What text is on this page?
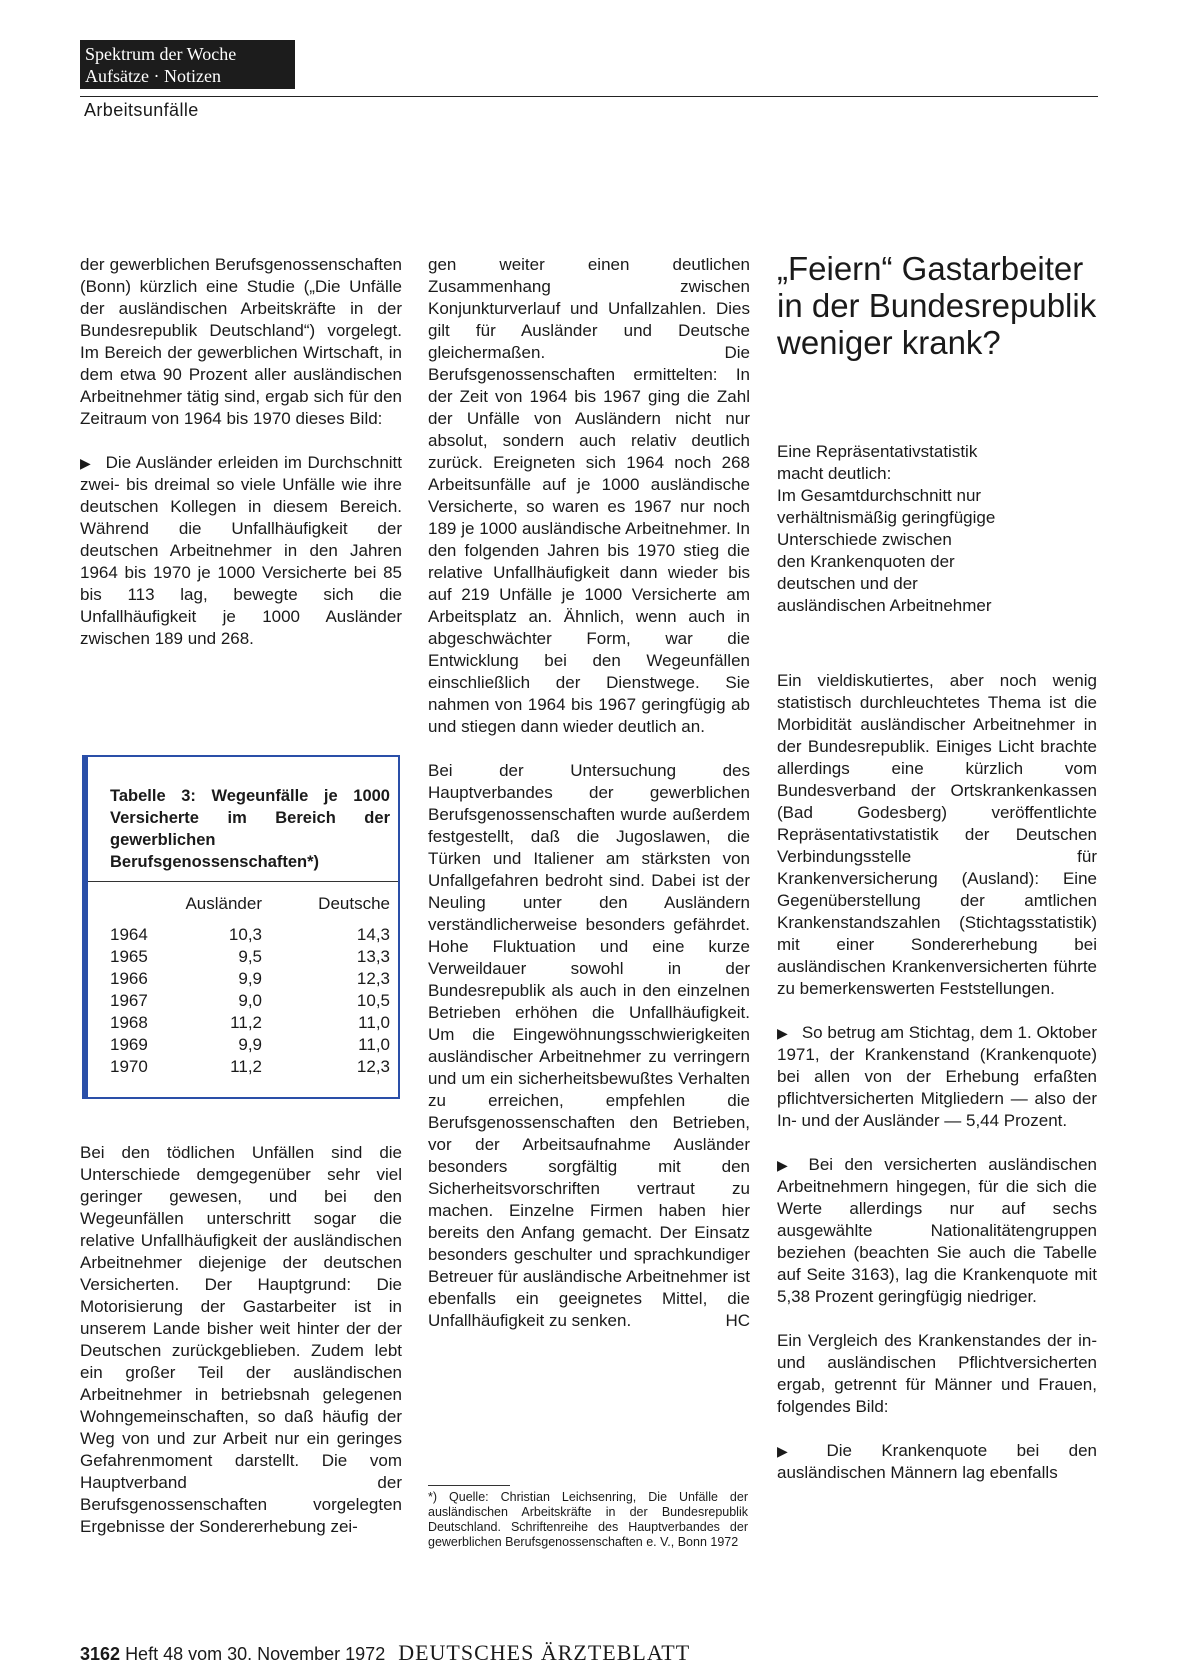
Spektrum der Woche
Aufsätze · Notizen
Arbeitsunfälle

der gewerblichen Berufsgenossenschaften (Bonn) kürzlich eine Studie („Die Unfälle der ausländischen Arbeitskräfte in der Bundesrepublik Deutschland“) vorgelegt. Im Bereich der gewerblichen Wirtschaft, in dem etwa 90 Prozent aller ausländischen Arbeitnehmer tätig sind, ergab sich für den Zeitraum von 1964 bis 1970 dieses Bild:

▶ Die Ausländer erleiden im Durchschnitt zwei- bis dreimal so viele Unfälle wie ihre deutschen Kollegen in diesem Bereich. Während die Unfallhäufigkeit der deutschen Arbeitnehmer in den Jahren 1964 bis 1970 je 1000 Versicherte bei 85 bis 113 lag, bewegte sich die Unfallhäufigkeit je 1000 Ausländer zwischen 189 und 268.

Tabelle 3: Wegeunfälle je 1000 Versicherte im Bereich der gewerblichen Berufsgenossenschaften*)
	Ausländer	Deutsche
1964	10,3	14,3
1965	9,5	13,3
1966	9,9	12,3
1967	9,0	10,5
1968	11,2	11,0
1969	9,9	11,0
1970	11,2	12,3

Bei den tödlichen Unfällen sind die Unterschiede demgegenüber sehr viel geringer gewesen, und bei den Wegeunfällen unterschritt sogar die relative Unfallhäufigkeit der ausländischen Arbeitnehmer diejenige der deutschen Versicherten. Der Hauptgrund: Die Motorisierung der Gastarbeiter ist in unserem Lande bisher weit hinter der der Deutschen zurückgeblieben. Zudem lebt ein großer Teil der ausländischen Arbeitnehmer in betriebsnah gelegenen Wohngemeinschaften, so daß häufig der Weg von und zur Arbeit nur ein geringes Gefahrenmoment darstellt. Die vom Hauptverband der Berufsgenossenschaften vorgelegten Ergebnisse der Sondererhebung zei-

gen weiter einen deutlichen Zusammenhang zwischen Konjunkturverlauf und Unfallzahlen. Dies gilt für Ausländer und Deutsche gleichermaßen. Die Berufsgenossenschaften ermittelten: In der Zeit von 1964 bis 1967 ging die Zahl der Unfälle von Ausländern nicht nur absolut, sondern auch relativ deutlich zurück. Ereigneten sich 1964 noch 268 Arbeitsunfälle auf je 1000 ausländische Versicherte, so waren es 1967 nur noch 189 je 1000 ausländische Arbeitnehmer. In den folgenden Jahren bis 1970 stieg die relative Unfallhäufigkeit dann wieder bis auf 219 Unfälle je 1000 Versicherte am Arbeitsplatz an. Ähnlich, wenn auch in abgeschwächter Form, war die Entwicklung bei den Wegeunfällen einschließlich der Dienstwege. Sie nahmen von 1964 bis 1967 geringfügig ab und stiegen dann wieder deutlich an.

Bei der Untersuchung des Hauptverbandes der gewerblichen Berufsgenossenschaften wurde außerdem festgestellt, daß die Jugoslawen, die Türken und Italiener am stärksten von Unfallgefahren bedroht sind. Dabei ist der Neuling unter den Ausländern verständlicherweise besonders gefährdet. Hohe Fluktuation und eine kurze Verweildauer sowohl in der Bundesrepublik als auch in den einzelnen Betrieben erhöhen die Unfallhäufigkeit. Um die Eingewöhnungsschwierigkeiten ausländischer Arbeitnehmer zu verringern und um ein sicherheitsbewußtes Verhalten zu erreichen, empfehlen die Berufsgenossenschaften den Betrieben, vor der Arbeitsaufnahme Ausländer besonders sorgfältig mit den Sicherheitsvorschriften vertraut zu machen. Einzelne Firmen haben hier bereits den Anfang gemacht. Der Einsatz besonders geschulter und sprachkundiger Betreuer für ausländische Arbeitnehmer ist ebenfalls ein geeignetes Mittel, die Unfallhäufigkeit zu senken.	HC

*) Quelle: Christian Leichsenring, Die Unfälle der ausländischen Arbeitskräfte in der Bundesrepublik Deutschland. Schriftenreihe des Hauptverbandes der gewerblichen Berufsgenossenschaften e. V., Bonn 1972
„Feiern“ Gastarbeiter in der Bundesrepublik weniger krank?
Eine Repräsentativstatistik
macht deutlich:
Im Gesamtdurchschnitt nur
verhältnismäßig geringfügige
Unterschiede zwischen
den Krankenquoten der
deutschen und der
ausländischen Arbeitnehmer

Ein vieldiskutiertes, aber noch wenig statistisch durchleuchtetes Thema ist die Morbidität ausländischer Arbeitnehmer in der Bundesrepublik. Einiges Licht brachte allerdings eine kürzlich vom Bundesverband der Ortskrankenkassen (Bad Godesberg) veröffentlichte Repräsentativstatistik der Deutschen Verbindungsstelle für Krankenversicherung (Ausland): Eine Gegenüberstellung der amtlichen Krankenstandszahlen (Stichtagsstatistik) mit einer Sondererhebung bei ausländischen Krankenversicherten führte zu bemerkenswerten Feststellungen.

▶ So betrug am Stichtag, dem 1. Oktober 1971, der Krankenstand (Krankenquote) bei allen von der Erhebung erfaßten pflichtversicherten Mitgliedern — also der In- und der Ausländer — 5,44 Prozent.

▶ Bei den versicherten ausländischen Arbeitnehmern hingegen, für die sich die Werte allerdings nur auf sechs ausgewählte Nationalitätengruppen beziehen (beachten Sie auch die Tabelle auf Seite 3163), lag die Krankenquote mit 5,38 Prozent geringfügig niedriger.

Ein Vergleich des Krankenstandes der in- und ausländischen Pflichtversicherten ergab, getrennt für Männer und Frauen, folgendes Bild:

▶ Die Krankenquote bei den ausländischen Männern lag ebenfalls

3162 Heft 48 vom 30. November 1972 DEUTSCHES ÄRZTEBLATT
